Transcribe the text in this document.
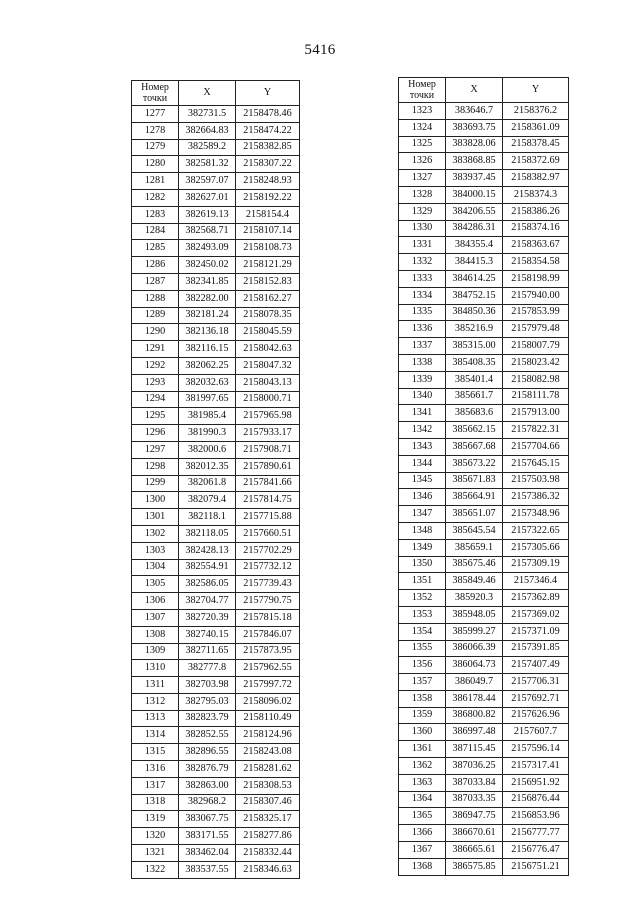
5416
Номер
точки	X	Y
1277	382731.5	2158478.46
1278	382664.83	2158474.22
1279	382589.2	2158382.85
1280	382581.32	2158307.22
1281	382597.07	2158248.93
1282	382627.01	2158192.22
1283	382619.13	2158154.4
1284	382568.71	2158107.14
1285	382493.09	2158108.73
1286	382450.02	2158121.29
1287	382341.85	2158152.83
1288	382282.00	2158162.27
1289	382181.24	2158078.35
1290	382136.18	2158045.59
1291	382116.15	2158042.63
1292	382062.25	2158047.32
1293	382032.63	2158043.13
1294	381997.65	2158000.71
1295	381985.4	2157965.98
1296	381990.3	2157933.17
1297	382000.6	2157908.71
1298	382012.35	2157890.61
1299	382061.8	2157841.66
1300	382079.4	2157814.75
1301	382118.1	2157715.88
1302	382118.05	2157660.51
1303	382428.13	2157702.29
1304	382554.91	2157732.12
1305	382586.05	2157739.43
1306	382704.77	2157790.75
1307	382720.39	2157815.18
1308	382740.15	2157846.07
1309	382711.65	2157873.95
1310	382777.8	2157962.55
1311	382703.98	2157997.72
1312	382795.03	2158096.02
1313	382823.79	2158110.49
1314	382852.55	2158124.96
1315	382896.55	2158243.08
1316	382876.79	2158281.62
1317	382863.00	2158308.53
1318	382968.2	2158307.46
1319	383067.75	2158325.17
1320	383171.55	2158277.86
1321	383462.04	2158332.44
1322	383537.55	2158346.63
Номер
точки	X	Y
1323	383646.7	2158376.2
1324	383693.75	2158361.09
1325	383828.06	2158378.45
1326	383868.85	2158372.69
1327	383937.45	2158382.97
1328	384000.15	2158374.3
1329	384206.55	2158386.26
1330	384286.31	2158374.16
1331	384355.4	2158363.67
1332	384415.3	2158354.58
1333	384614.25	2158198.99
1334	384752.15	2157940.00
1335	384850.36	2157853.99
1336	385216.9	2157979.48
1337	385315.00	2158007.79
1338	385408.35	2158023.42
1339	385401.4	2158082.98
1340	385661.7	2158111.78
1341	385683.6	2157913.00
1342	385662.15	2157822.31
1343	385667.68	2157704.66
1344	385673.22	2157645.15
1345	385671.83	2157503.98
1346	385664.91	2157386.32
1347	385651.07	2157348.96
1348	385645.54	2157322.65
1349	385659.1	2157305.66
1350	385675.46	2157309.19
1351	385849.46	2157346.4
1352	385920.3	2157362.89
1353	385948.05	2157369.02
1354	385999.27	2157371.09
1355	386066.39	2157391.85
1356	386064.73	2157407.49
1357	386049.7	2157706.31
1358	386178.44	2157692.71
1359	386800.82	2157626.96
1360	386997.48	2157607.7
1361	387115.45	2157596.14
1362	387036.25	2157317.41
1363	387033.84	2156951.92
1364	387033.35	2156876.44
1365	386947.75	2156853.96
1366	386670.61	2156777.77
1367	386665.61	2156776.47
1368	386575.85	2156751.21
